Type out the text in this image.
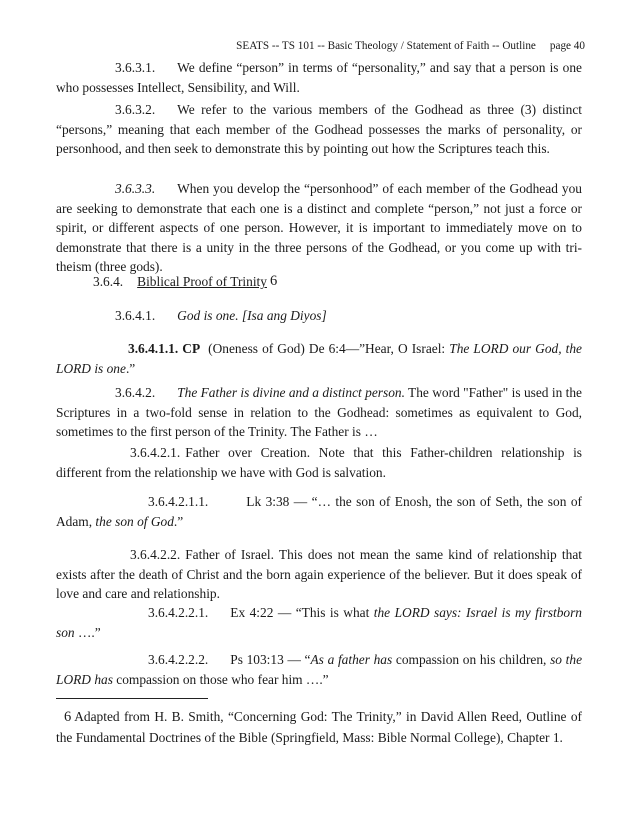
SEATS -- TS 101 -- Basic Theology / Statement of Faith -- Outline page 40

3.6.3.1. We define “person” in terms of “personality,” and say that a person is one who possesses Intellect, Sensibility, and Will.

3.6.3.2. We refer to the various members of the Godhead as three (3) distinct “persons,” meaning that each member of the Godhead possesses the marks of personality, or personhood, and then seek to demonstrate this by pointing out how the Scriptures teach this.

3.6.3.3. When you develop the “personhood” of each member of the Godhead you are seeking to demonstrate that each one is a distinct and complete “person,” not just a force or spirit, or different aspects of one person. However, it is important to immediately move on to demonstrate that there is a unity in the three persons of the Godhead, or you come up with tri-theism (three gods).

3.6.4. Biblical Proof of Trinity 6

3.6.4.1. God is one. [Isa ang Diyos]

3.6.4.1.1. CP (Oneness of God) De 6:4—”Hear, O Israel: The LORD our God, the LORD is one.”

3.6.4.2. The Father is divine and a distinct person. The word "Father" is used in the Scriptures in a two-fold sense in relation to the Godhead: sometimes as equivalent to God, sometimes to the first person of the Trinity. The Father is …

3.6.4.2.1. Father over Creation. Note that this Father-children relationship is different from the relationship we have with God is salvation.

3.6.4.2.1.1.	Lk 3:38 — “… the son of Enosh, the son of Seth, the son of Adam, the son of God.”

3.6.4.2.2. Father of Israel. This does not mean the same kind of relationship that exists after the death of Christ and the born again experience of the believer. But it does speak of love and care and relationship.

3.6.4.2.2.1. Ex 4:22 — “This is what the LORD says: Israel is my firstborn son ….”

3.6.4.2.2.2. Ps 103:13 — “As a father has compassion on his children, so the LORD has compassion on those who fear him ….”

6 Adapted from H. B. Smith, “Concerning God: The Trinity,” in David Allen Reed, Outline of the Fundamental Doctrines of the Bible (Springfield, Mass: Bible Normal College), Chapter 1.
